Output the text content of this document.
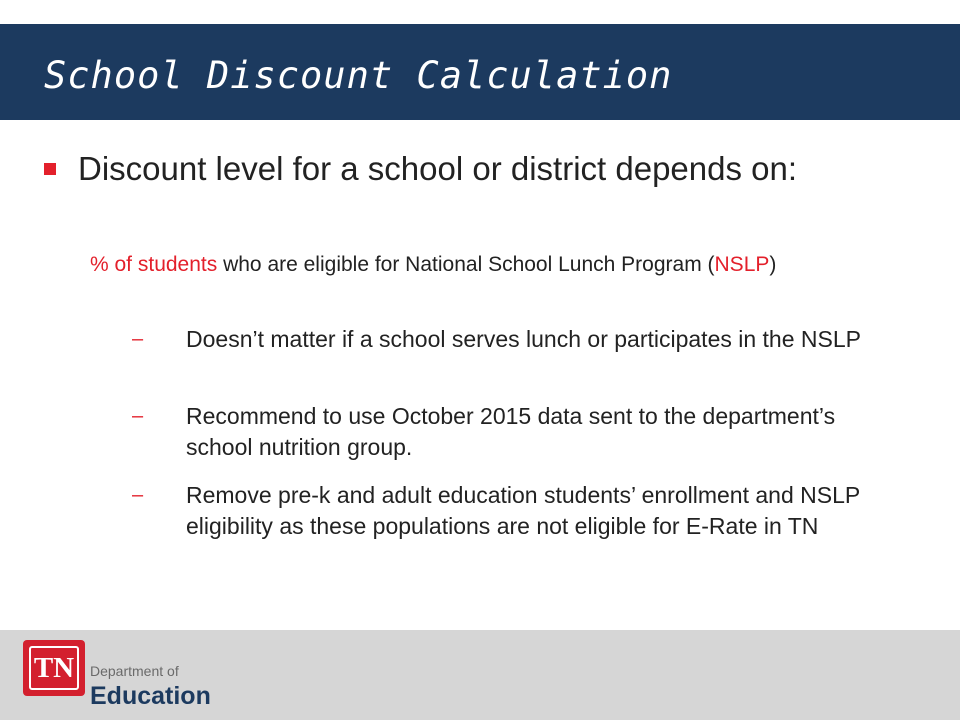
School Discount Calculation
Discount level for a school or district depends on:
% of students who are eligible for National School Lunch Program (NSLP)
– Doesn’t matter if a school serves lunch or participates in the NSLP
– Recommend to use October 2015 data sent to the department’s school nutrition group.
– Remove pre-k and adult education students’ enrollment and NSLP eligibility as these populations are not eligible for E-Rate in TN
TN	Department of
Education
